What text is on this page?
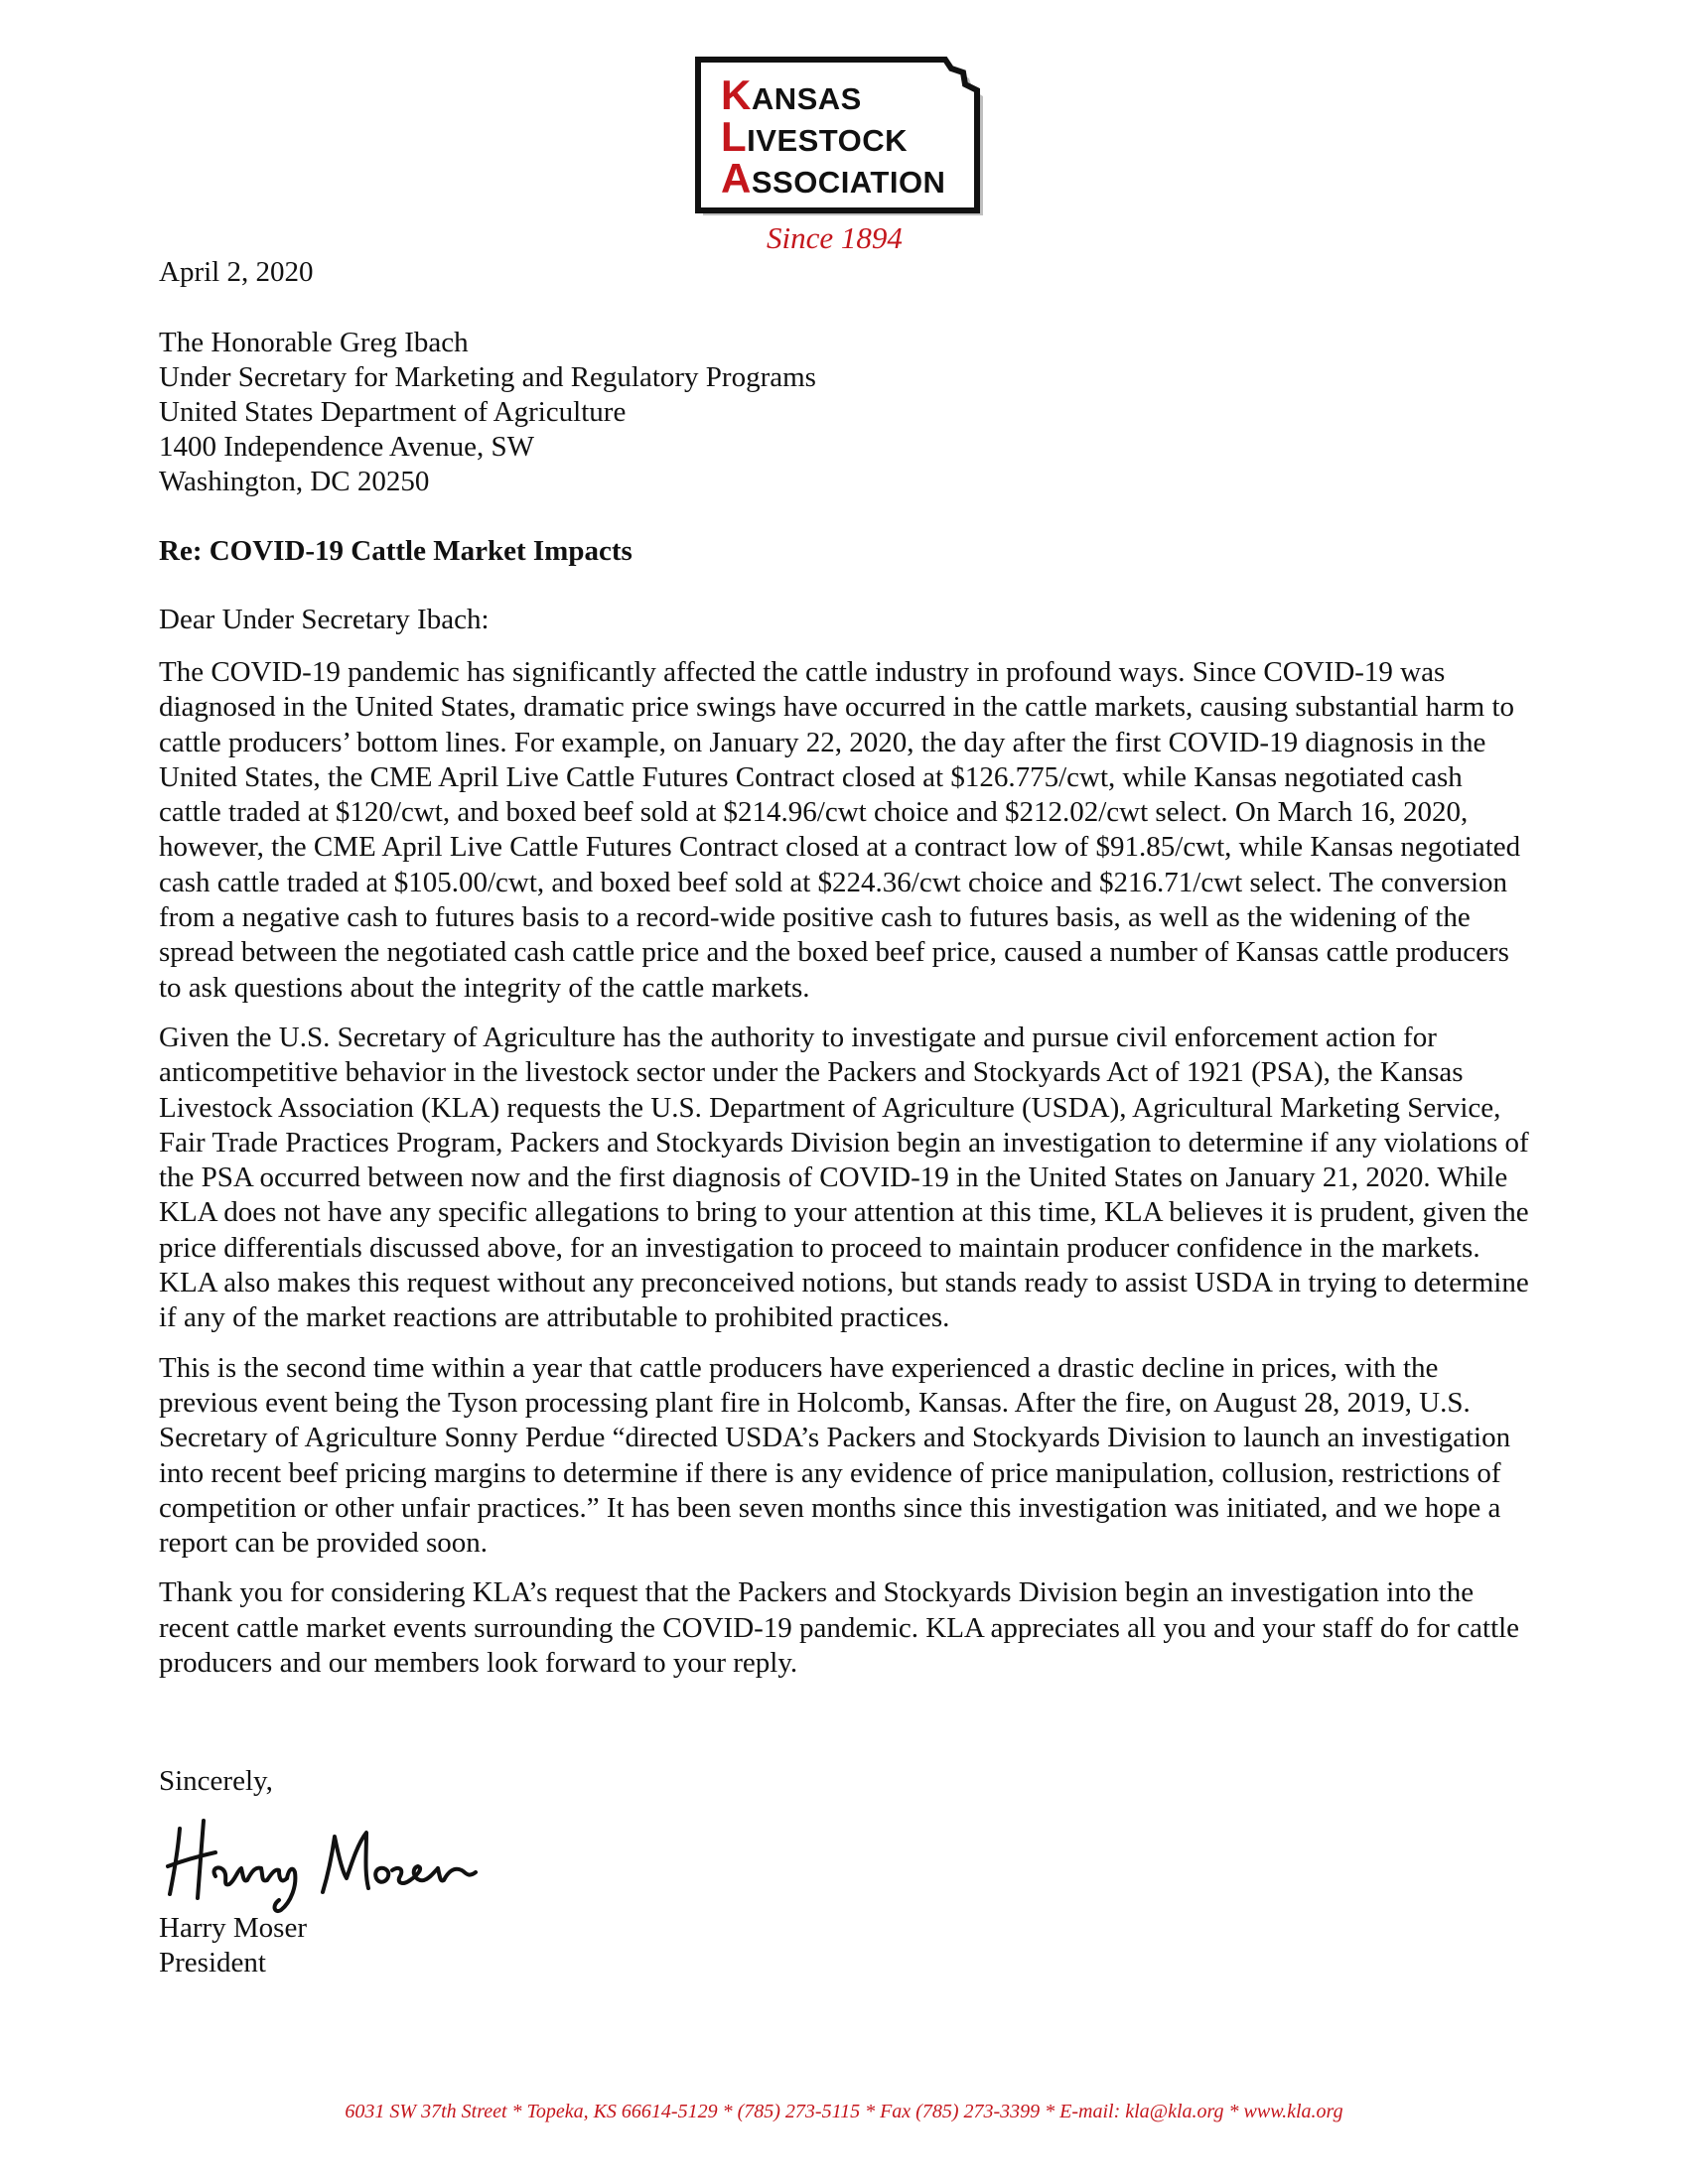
KANSAS
LIVESTOCK
ASSOCIATION
Since 1894
April 2, 2020
The Honorable Greg Ibach
Under Secretary for Marketing and Regulatory Programs
United States Department of Agriculture
1400 Independence Avenue, SW
Washington, DC 20250
Re: COVID-19 Cattle Market Impacts
Dear Under Secretary Ibach:

The COVID-19 pandemic has significantly affected the cattle industry in profound ways. Since COVID-19 was diagnosed in the United States, dramatic price swings have occurred in the cattle markets, causing substantial harm to cattle producers’ bottom lines. For example, on January 22, 2020, the day after the first COVID-19 diagnosis in the United States, the CME April Live Cattle Futures Contract closed at $126.775/cwt, while Kansas negotiated cash cattle traded at $120/cwt, and boxed beef sold at $214.96/cwt choice and $212.02/cwt select. On March 16, 2020, however, the CME April Live Cattle Futures Contract closed at a contract low of $91.85/cwt, while Kansas negotiated cash cattle traded at $105.00/cwt, and boxed beef sold at $224.36/cwt choice and $216.71/cwt select. The conversion from a negative cash to futures basis to a record-wide positive cash to futures basis, as well as the widening of the spread between the negotiated cash cattle price and the boxed beef price, caused a number of Kansas cattle producers to ask questions about the integrity of the cattle markets.

Given the U.S. Secretary of Agriculture has the authority to investigate and pursue civil enforcement action for anticompetitive behavior in the livestock sector under the Packers and Stockyards Act of 1921 (PSA), the Kansas Livestock Association (KLA) requests the U.S. Department of Agriculture (USDA), Agricultural Marketing Service, Fair Trade Practices Program, Packers and Stockyards Division begin an investigation to determine if any violations of the PSA occurred between now and the first diagnosis of COVID-19 in the United States on January 21, 2020. While KLA does not have any specific allegations to bring to your attention at this time, KLA believes it is prudent, given the price differentials discussed above, for an investigation to proceed to maintain producer confidence in the markets. KLA also makes this request without any preconceived notions, but stands ready to assist USDA in trying to determine if any of the market reactions are attributable to prohibited practices.

This is the second time within a year that cattle producers have experienced a drastic decline in prices, with the previous event being the Tyson processing plant fire in Holcomb, Kansas. After the fire, on August 28, 2019, U.S. Secretary of Agriculture Sonny Perdue “directed USDA’s Packers and Stockyards Division to launch an investigation into recent beef pricing margins to determine if there is any evidence of price manipulation, collusion, restrictions of competition or other unfair practices.” It has been seven months since this investigation was initiated, and we hope a report can be provided soon.

Thank you for considering KLA’s request that the Packers and Stockyards Division begin an investigation into the recent cattle market events surrounding the COVID-19 pandemic. KLA appreciates all you and your staff do for cattle producers and our members look forward to your reply.

Sincerely,
Harry Moser
President
6031 SW 37th Street * Topeka, KS 66614-5129 * (785) 273-5115 * Fax (785) 273-3399 * E-mail: kla@kla.org * www.kla.org
